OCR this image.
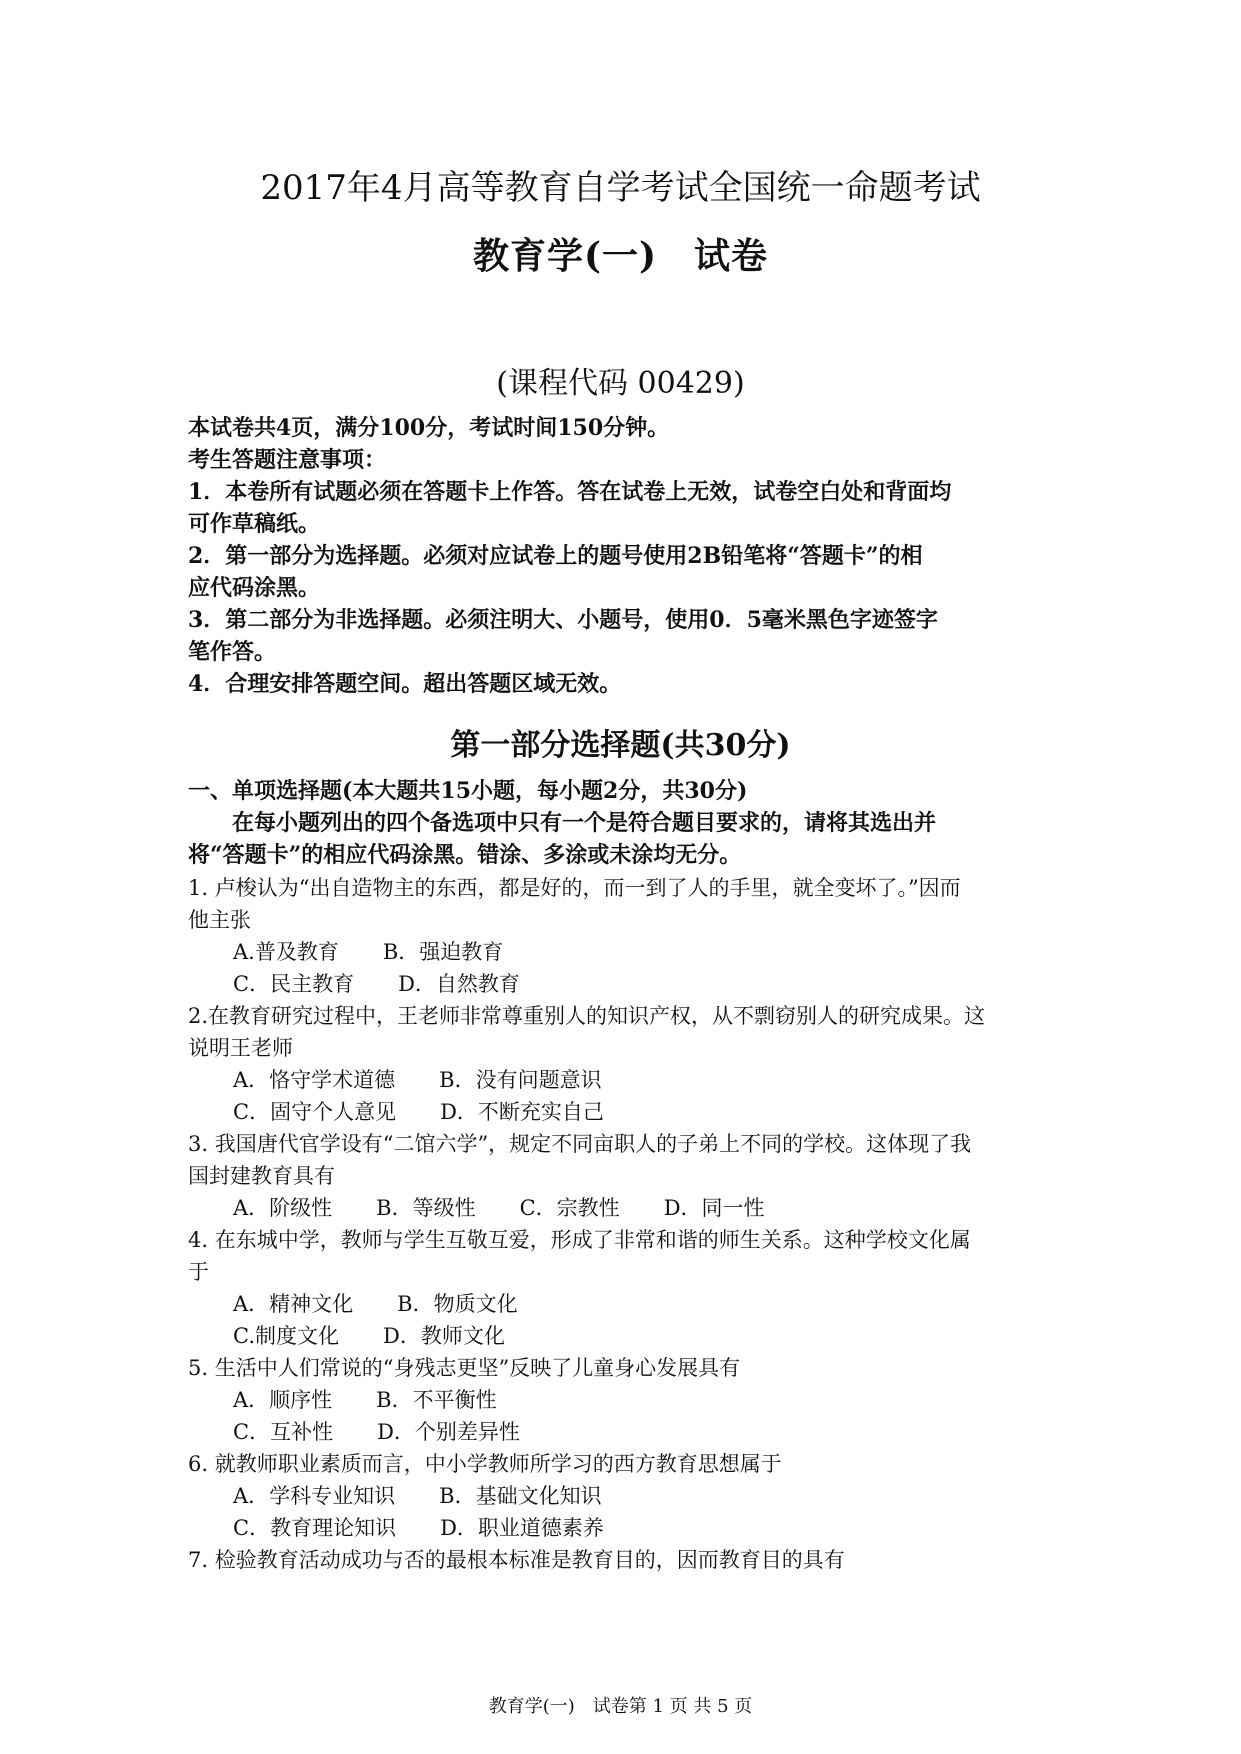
2017年4月高等教育自学考试全国统一命题考试
教育学(一)　试卷
(课程代码 00429)
本试卷共4页，满分100分，考试时间150分钟。
考生答题注意事项：
1．本卷所有试题必须在答题卡上作答。答在试卷上无效，试卷空白处和背面均
可作草稿纸。
2．第一部分为选择题。必须对应试卷上的题号使用2B铅笔将“答题卡”的相
应代码涂黑。
3．第二部分为非选择题。必须注明大、小题号，使用0．5毫米黑色字迹签字
笔作答。
4．合理安排答题空间。超出答题区域无效。
第一部分选择题(共30分)
一、单项选择题(本大题共15小题，每小题2分，共30分)
　　在每小题列出的四个备选项中只有一个是符合题目要求的，请将其选出并
将“答题卡”的相应代码涂黑。错涂、多涂或未涂均无分。
1. 卢梭认为“出自造物主的东西，都是好的，而一到了人的手里，就全变坏了。”因而
他主张
A.普及教育 B．强迫教育
C．民主教育 D．自然教育
2.在教育研究过程中，王老师非常尊重别人的知识产权，从不剽窃别人的研究成果。这
说明王老师
A．恪守学术道德 B．没有问题意识
C．固守个人意见 D．不断充实自己
3. 我国唐代官学设有“二馆六学”，规定不同亩职人的子弟上不同的学校。这体现了我
国封建教育具有
A．阶级性 B．等级性 C．宗教性 D．同一性
4. 在东城中学，教师与学生互敬互爱，形成了非常和谐的师生关系。这种学校文化属
于
A．精神文化 B．物质文化
C.制度文化 D．教师文化
5. 生活中人们常说的“身残志更坚”反映了儿童身心发展具有
A．顺序性 B．不平衡性
C．互补性 D．个别差异性
6. 就教师职业素质而言，中小学教师所学习的西方教育思想属于
A．学科专业知识 B．基础文化知识
C．教育理论知识 D．职业道德素养
7. 检验教育活动成功与否的最根本标准是教育目的，因而教育目的具有
教育学(一)　试卷第 1 页 共 5 页
